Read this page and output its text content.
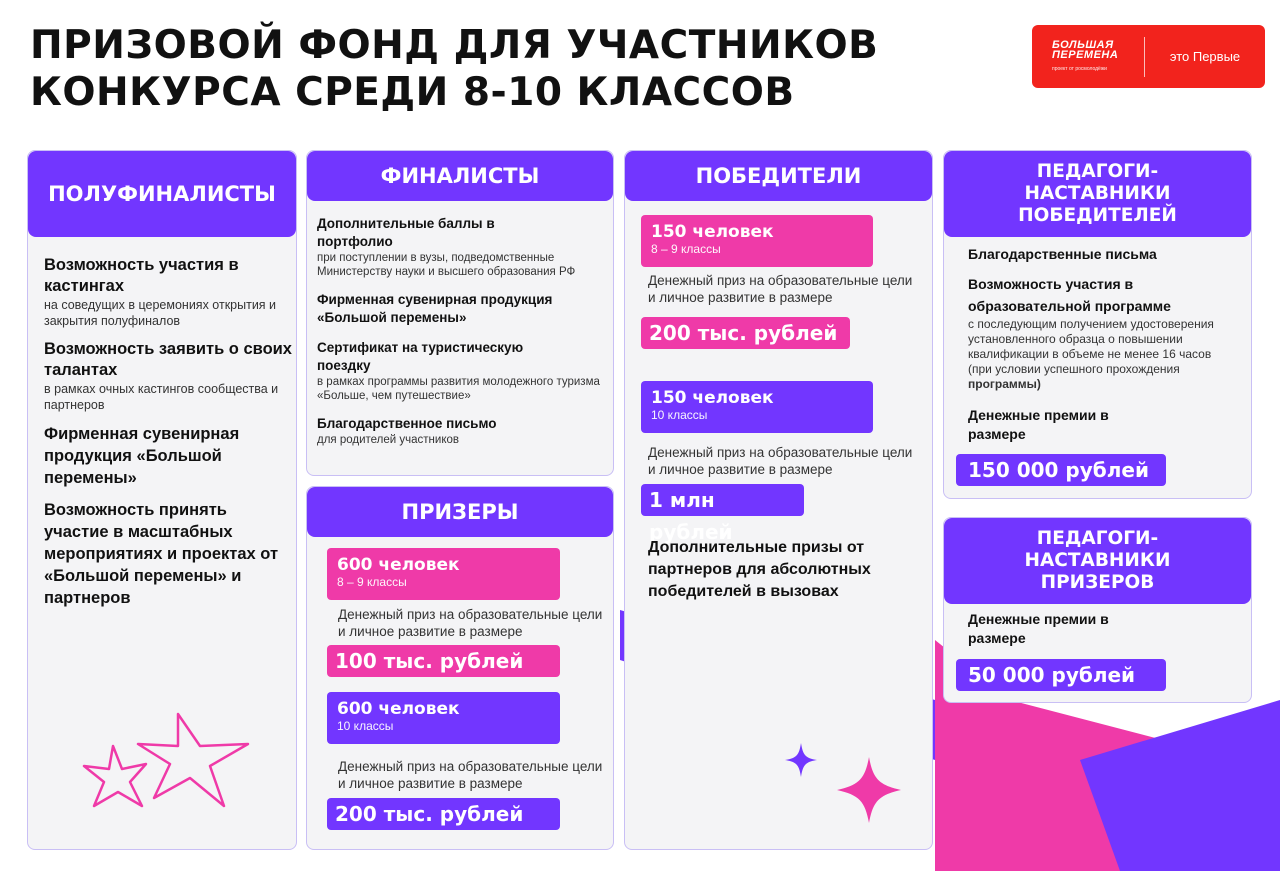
ПРИЗОВОЙ ФОНД ДЛЯ УЧАСТНИКОВ КОНКУРСА СРЕДИ 8-10 КЛАССОВ
БОЛЬШАЯ ПЕРЕМЕНА
проект от росмолодёжи
это Первые
ПОЛУФИНАЛИСТЫ
Возможность участия в кастингах
на соведущих в церемониях открытия и закрытия полуфиналов
Возможность заявить о своих талантах
в рамках очных кастингов сообщества и партнеров
Фирменная сувенирная продукция «Большой перемены»
Возможность принять участие в масштабных мероприятиях и проектах от «Большой перемены» и партнеров
ФИНАЛИСТЫ
Дополнительные баллы в портфолио
при поступлении в вузы, подведомственные Министерству науки и высшего образования РФ
Фирменная сувенирная продукция «Большой перемены»
Сертификат на туристическую поездку
в рамках программы развития молодежного туризма «Больше, чем путешествие»
Благодарственное письмо
для родителей участников
ПРИЗЕРЫ
600 человек
8 – 9 классы
Денежный приз на образовательные цели и личное развитие в размере
100 тыс. рублей
600 человек
10 классы
Денежный приз на образовательные цели и личное развитие в размере
200 тыс. рублей
ПОБЕДИТЕЛИ
150 человек
8 – 9 классы
Денежный приз на образовательные цели и личное развитие в размере
200 тыс. рублей
150 человек
10 классы
Денежный приз на образовательные цели и личное развитие в размере
1 млн рублей
Дополнительные призы от партнеров для абсолютных победителей в вызовах
ПЕДАГОГИ-НАСТАВНИКИ ПОБЕДИТЕЛЕЙ
Благодарственные письма
Возможность участия в образовательной программе
с последующим получением удостоверения установленного образца о повышении квалификации в объеме не менее 16 часов (при условии успешного прохождения программы)
Денежные премии в размере
150 000 рублей
ПЕДАГОГИ-НАСТАВНИКИ ПРИЗЕРОВ
Денежные премии в размере
50 000 рублей
